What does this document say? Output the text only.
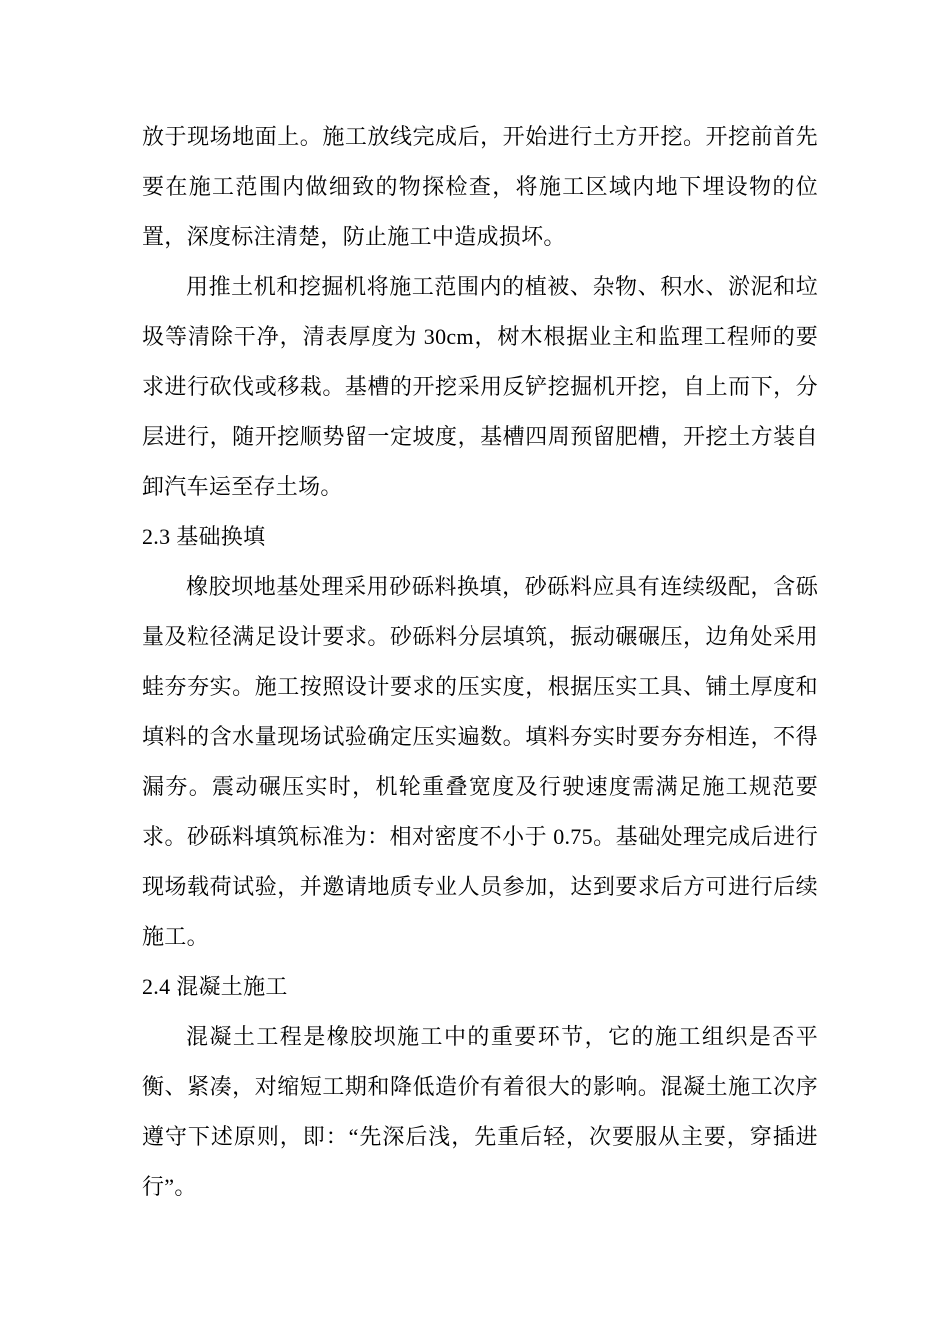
放于现场地面上。施工放线完成后，开始进行土方开挖。开挖前首先要在施工范围内做细致的物探检查，将施工区域内地下埋设物的位置，深度标注清楚，防止施工中造成损坏。

用推土机和挖掘机将施工范围内的植被、杂物、积水、淤泥和垃圾等清除干净，清表厚度为 30cm，树木根据业主和监理工程师的要求进行砍伐或移栽。基槽的开挖采用反铲挖掘机开挖，自上而下，分层进行，随开挖顺势留一定坡度，基槽四周预留肥槽，开挖土方装自卸汽车运至存土场。

2.3 基础换填

橡胶坝地基处理采用砂砾料换填，砂砾料应具有连续级配，含砾量及粒径满足设计要求。砂砾料分层填筑，振动碾碾压，边角处采用蛙夯夯实。施工按照设计要求的压实度，根据压实工具、铺土厚度和填料的含水量现场试验确定压实遍数。填料夯实时要夯夯相连，不得漏夯。震动碾压实时，机轮重叠宽度及行驶速度需满足施工规范要求。砂砾料填筑标准为：相对密度不小于 0.75。基础处理完成后进行现场载荷试验，并邀请地质专业人员参加，达到要求后方可进行后续施工。

2.4 混凝土施工

混凝土工程是橡胶坝施工中的重要环节，它的施工组织是否平衡、紧凑，对缩短工期和降低造价有着很大的影响。混凝土施工次序遵守下述原则，即：“先深后浅，先重后轻，次要服从主要，穿插进行”。
